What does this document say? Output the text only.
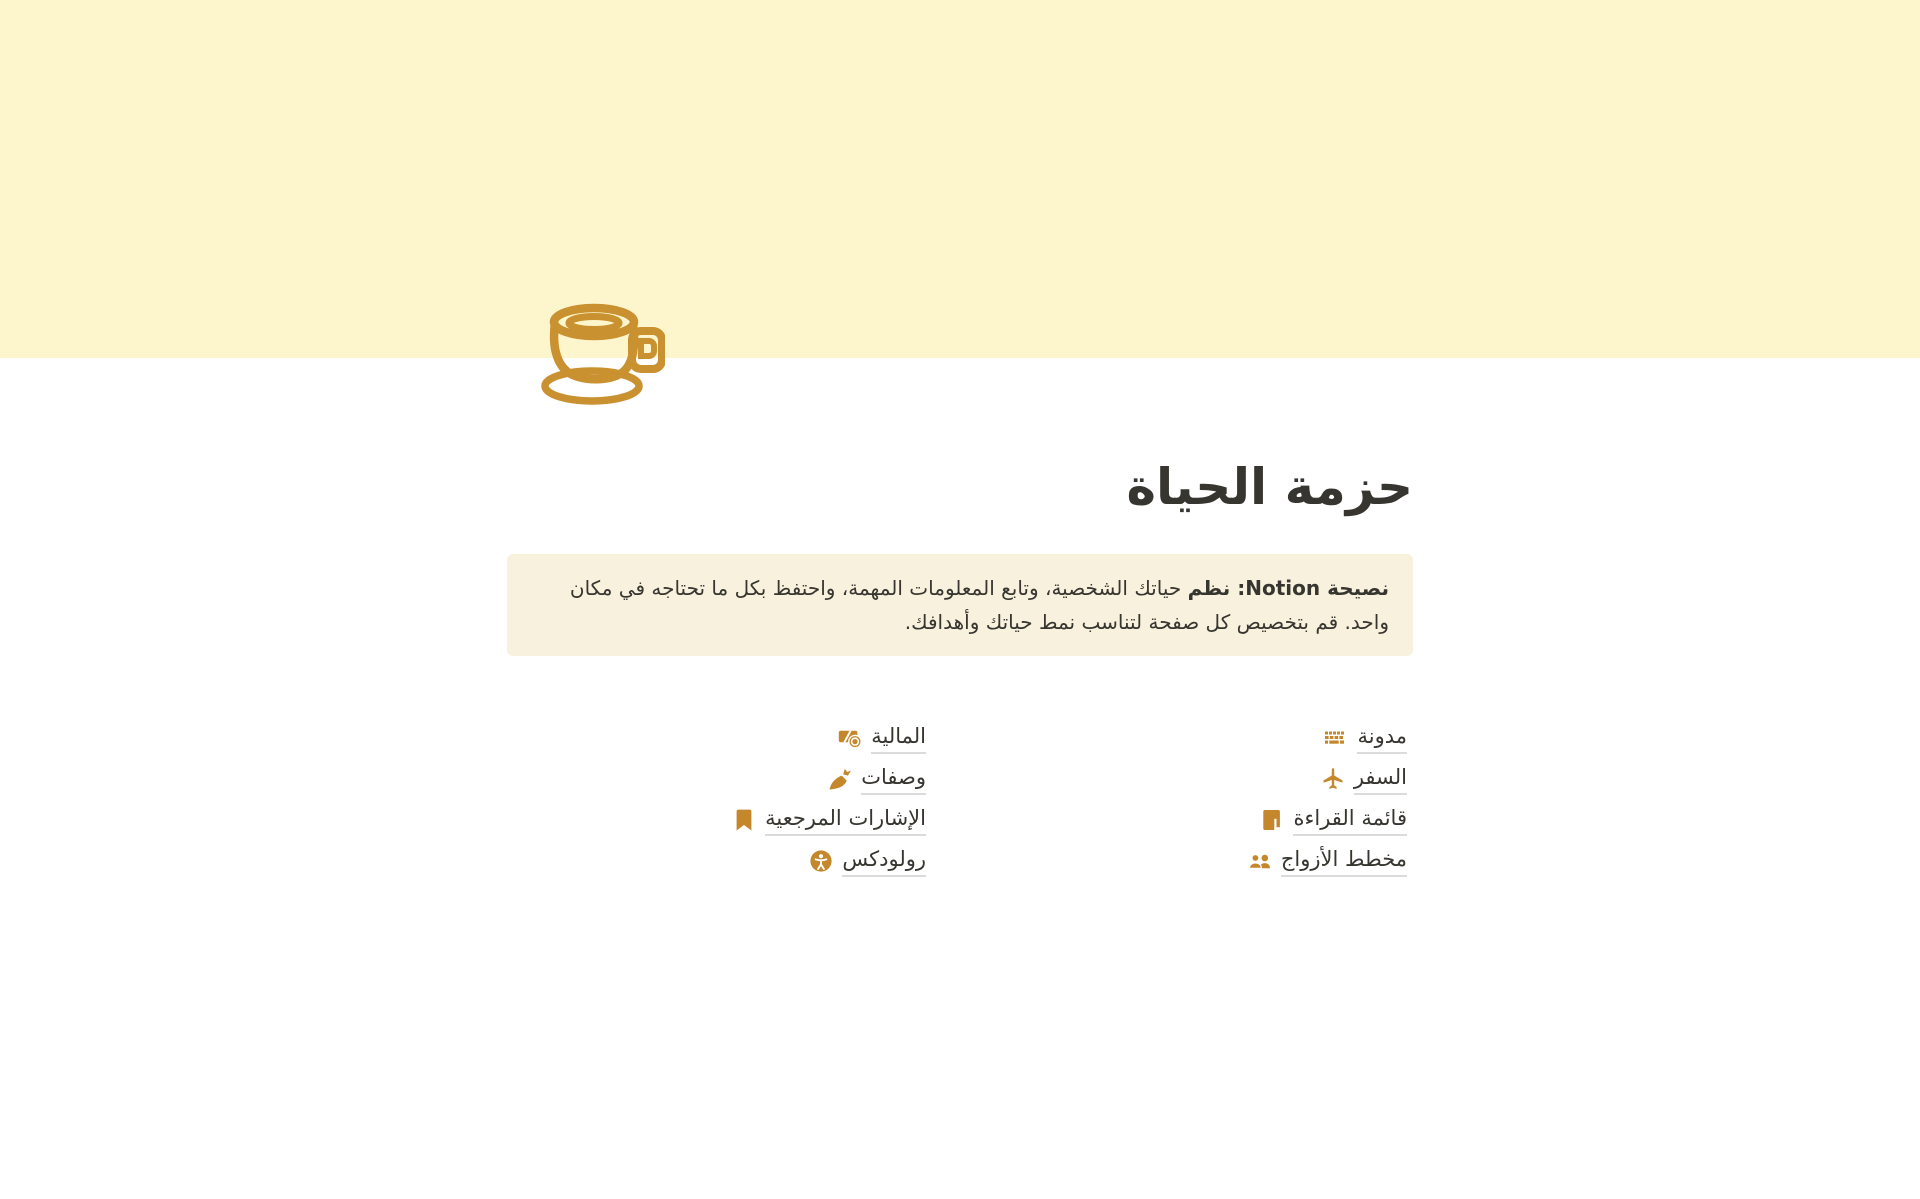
حزمة الحياة
نصيحة Notion: نظم حياتك الشخصية، وتابع المعلومات المهمة، واحتفظ بكل ما تحتاجه في مكان واحد. قم بتخصيص كل صفحة لتناسب نمط حياتك وأهدافك.
مدونة
السفر
قائمة القراءة
مخطط الأزواج
المالية
وصفات
الإشارات المرجعية
رولودكس
